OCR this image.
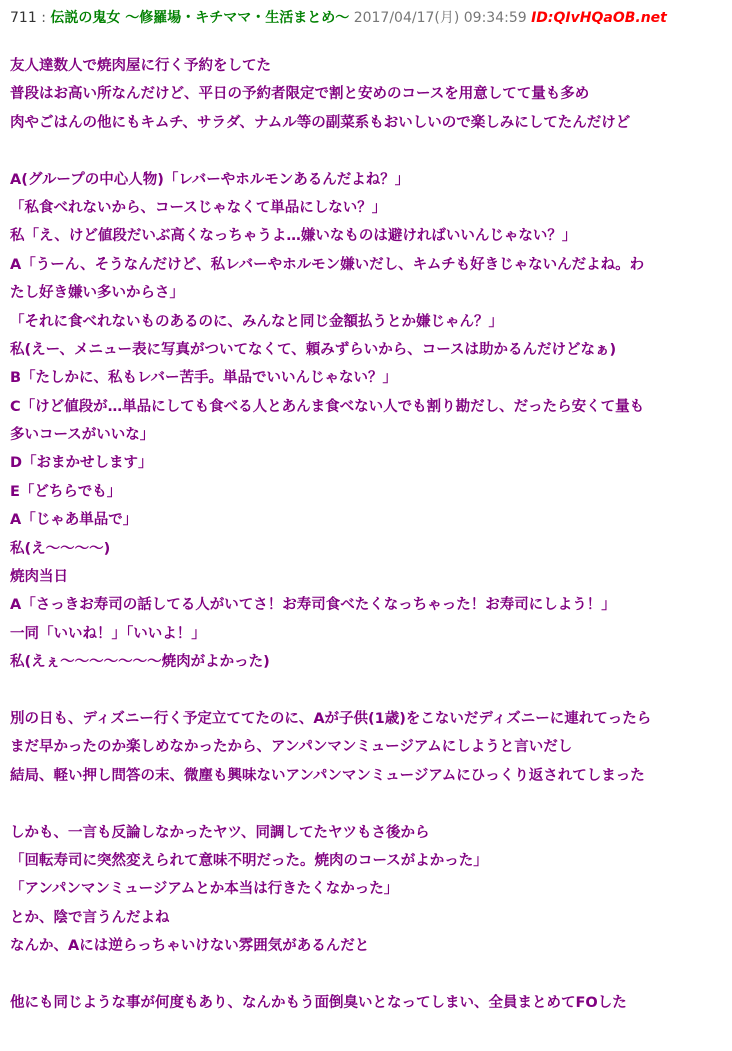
711 : 伝説の鬼女 〜修羅場・キチママ・生活まとめ〜 2017/04/17(月) 09:34:59 ID:QIvHQaOB.net
友人達数人で焼肉屋に行く予約をしてた
普段はお高い所なんだけど、平日の予約者限定で割と安めのコースを用意してて量も多め
肉やごはんの他にもキムチ、サラダ、ナムル等の副菜系もおいしいので楽しみにしてたんだけど
A(グループの中心人物)「レバーやホルモンあるんだよね？」
「私食べれないから、コースじゃなくて単品にしない？」
私「え、けど値段だいぶ高くなっちゃうよ…嫌いなものは避ければいいんじゃない？」
A「うーん、そうなんだけど、私レバーやホルモン嫌いだし、キムチも好きじゃないんだよね。わ
たし好き嫌い多いからさ」
「それに食べれないものあるのに、みんなと同じ金額払うとか嫌じゃん？」
私(えー、メニュー表に写真がついてなくて、頼みずらいから、コースは助かるんだけどなぁ)
B「たしかに、私もレバー苦手。単品でいいんじゃない？」
C「けど値段が…単品にしても食べる人とあんま食べない人でも割り勘だし、だったら安くて量も
多いコースがいいな」
D「おまかせします」
E「どちらでも」
A「じゃあ単品で」
私(え〜〜〜〜)
焼肉当日
A「さっきお寿司の話してる人がいてさ！お寿司食べたくなっちゃった！お寿司にしよう！」
一同「いいね！」「いいよ！」
私(えぇ〜〜〜〜〜〜〜焼肉がよかった)
別の日も、ディズニー行く予定立ててたのに、Aが子供(1歳)をこないだディズニーに連れてったら
まだ早かったのか楽しめなかったから、アンパンマンミュージアムにしようと言いだし
結局、軽い押し問答の末、微塵も興味ないアンパンマンミュージアムにひっくり返されてしまった
しかも、一言も反論しなかったヤツ、同調してたヤツもさ後から
「回転寿司に突然変えられて意味不明だった。焼肉のコースがよかった」
「アンパンマンミュージアムとか本当は行きたくなかった」
とか、陰で言うんだよね
なんか、Aには逆らっちゃいけない雰囲気があるんだと
他にも同じような事が何度もあり、なんかもう面倒臭いとなってしまい、全員まとめてFOした
